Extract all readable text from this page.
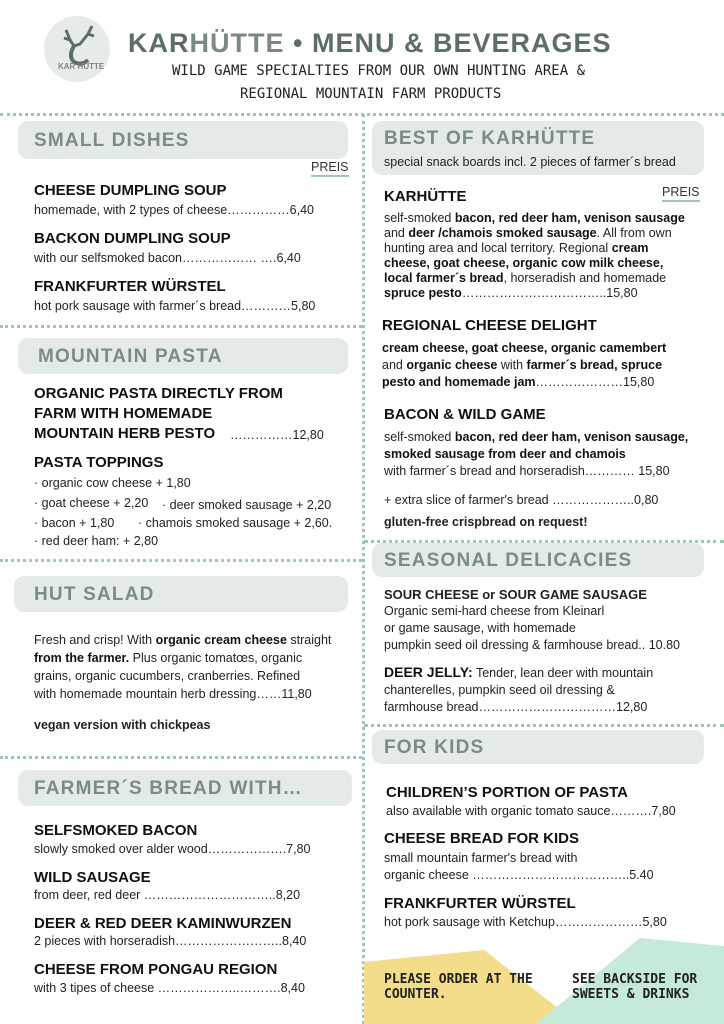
KAR HÜTTE
KARHÜTTE • MENU & BEVERAGES
WILD GAME SPECIALTIES FROM OUR OWN HUNTING AREA &
REGIONAL MOUNTAIN FARM PRODUCTS
SMALL DISHES
PREIS
CHEESE DUMPLING SOUP
homemade, with 2 types of cheese……………6,40
BACKON DUMPLING SOUP
with our selfsmoked bacon……………… ….6,40
FRANKFURTER WÜRSTEL
hot pork sausage with farmer´s bread…………5,80
MOUNTAIN PASTA
ORGANIC PASTA DIRECTLY FROM
FARM WITH HOMEMADE
MOUNTAIN HERB PESTO ……………12,80
PASTA TOPPINGS
· organic cow cheese + 1,80
· goat cheese + 2,20 · deer smoked sausage + 2,20
· bacon + 1,80 · chamois smoked sausage + 2,60.
· red deer ham: + 2,80
HUT SALAD
Fresh and crisp! With organic cream cheese straight
from the farmer. Plus organic tomatœs, organic
grains, organic cucumbers, cranberries. Refined
with homemade mountain herb dressing……11,80
vegan version with chickpeas
FARMER´S BREAD WITH…
SELFSMOKED BACON
slowly smoked over alder wood……………….7,80
WILD SAUSAGE
from deer, red deer …………………………..8,20
DEER & RED DEER KAMINWURZEN
2 pieces with horseradish……………………..8,40
CHEESE FROM PONGAU REGION
with 3 tipes of cheese ………………..……….8,40
BEST OF KARHÜTTE
special snack boards incl. 2 pieces of farmer´s bread
PREIS
KARHÜTTE
self-smoked bacon, red deer ham, venison sausage
and deer /chamois smoked sausage. All from own
hunting area and local territory. Regional cream
cheese, goat cheese, organic cow milk cheese,
local farmer´s bread, horseradish and homemade
spruce pesto……………………………..15,80
REGIONAL CHEESE DELIGHT
cream cheese, goat cheese, organic camembert
and organic cheese with farmer´s bread, spruce
pesto and homemade jam…………………15,80
BACON & WILD GAME
self-smoked bacon, red deer ham, venison sausage,
smoked sausage from deer and chamois
with farmer´s bread and horseradish………… 15,80
+ extra slice of farmer's bread ………………..0,80
gluten-free crispbread on request!
SEASONAL DELICACIES
SOUR CHEESE or SOUR GAME SAUSAGE
Organic semi-hard cheese from Kleinarl
or game sausage, with homemade
pumpkin seed oil dressing & farmhouse bread.. 10.80
DEER JELLY: Tender, lean deer with mountain
chanterelles, pumpkin seed oil dressing &
farmhouse bread……………………………12,80
FOR KIDS
CHILDREN’S PORTION OF PASTA
also available with organic tomato sauce……….7,80
CHEESE BREAD FOR KIDS
small mountain farmer's bread with
organic cheese ………………………………..5.40
FRANKFURTER WÜRSTEL
hot pork sausage with Ketchup…………………5,80
PLEASE ORDER AT THE
COUNTER.
SEE BACKSIDE FOR
SWEETS & DRINKS
